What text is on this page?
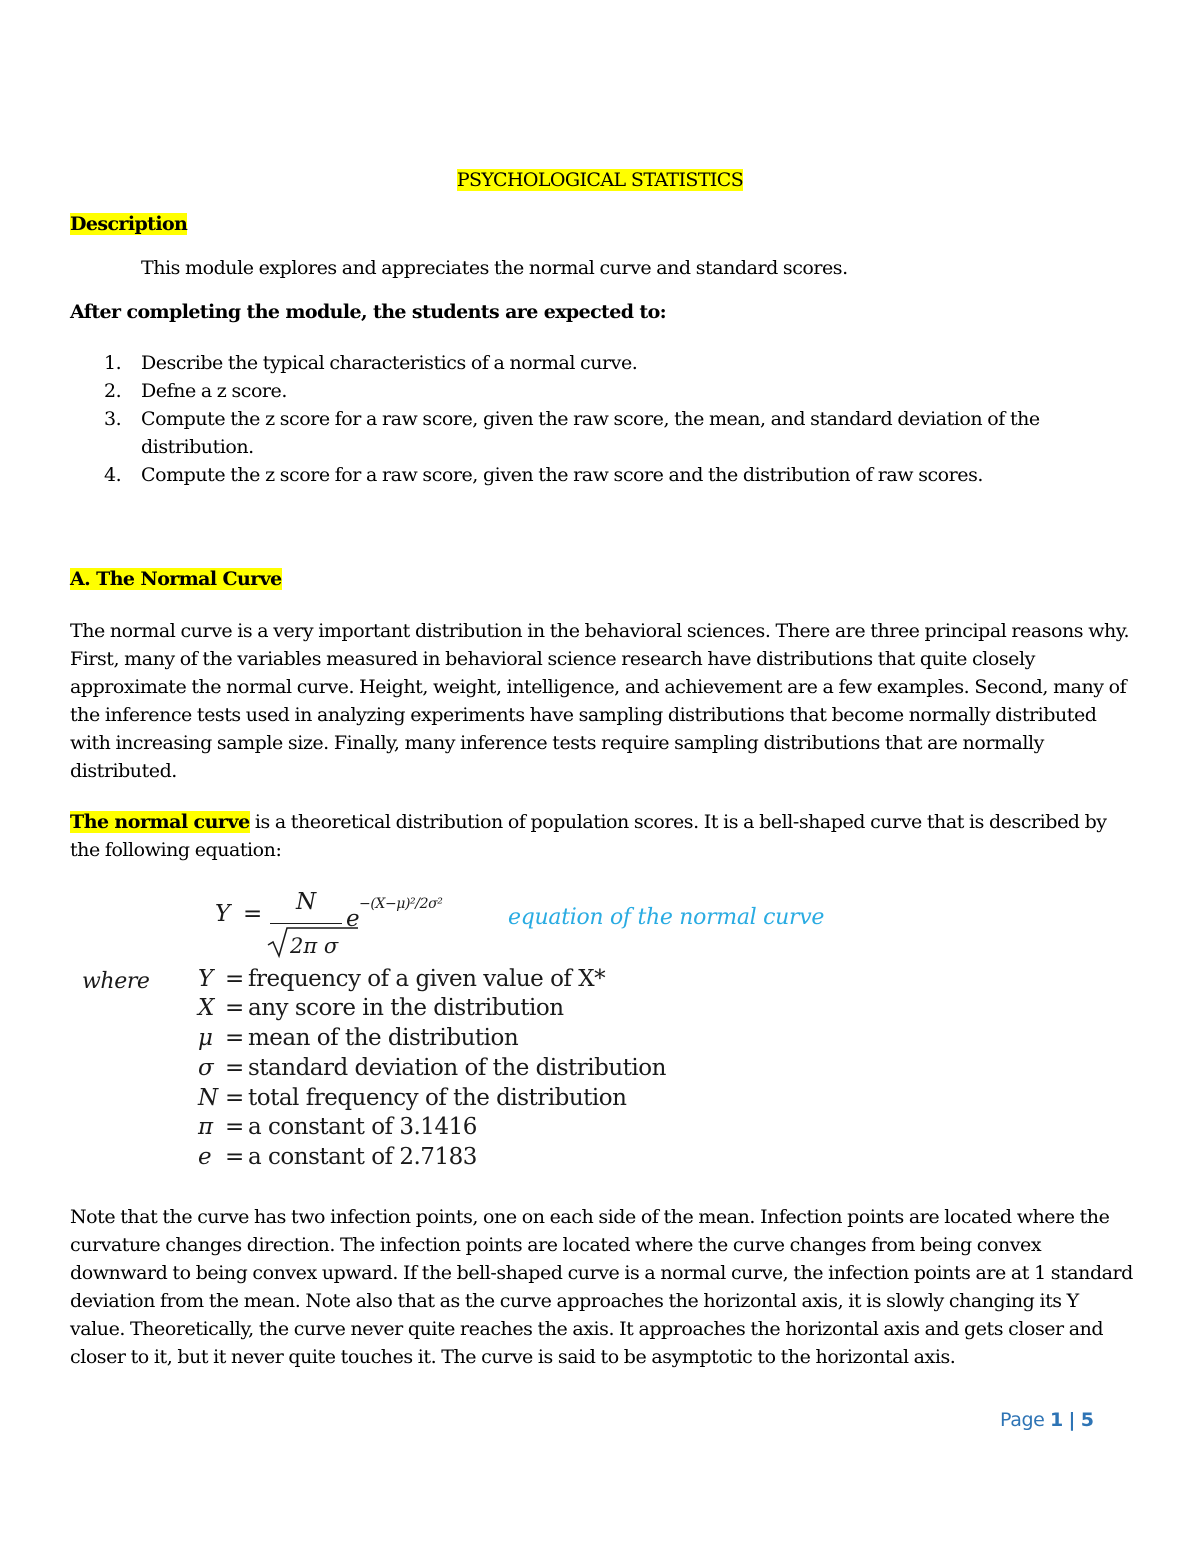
PSYCHOLOGICAL STATISTICS
Description

This module explores and appreciates the normal curve and standard scores.

After completing the module, the students are expected to:
1. Describe the typical characteristics of a normal curve.
2. Defne a z score.
3. Compute the z score for a raw score, given the raw score, the mean, and standard deviation of the distribution.
4. Compute the z score for a raw score, given the raw score and the distribution of raw scores.
A. The Normal Curve

The normal curve is a very important distribution in the behavioral sciences. There are three principal reasons why. First, many of the variables measured in behavioral science research have distributions that quite closely approximate the normal curve. Height, weight, intelligence, and achievement are a few examples. Second, many of the inference tests used in analyzing experiments have sampling distributions that become normally distributed with increasing sample size. Finally, many inference tests require sampling distributions that are normally distributed.

The normal curve is a theoretical distribution of population scores. It is a bell-shaped curve that is described by the following equation:

Y = N
2π σ
e
−(X−μ)²/2σ²
equation of the normal curve
where Y = frequency of a given value of X*
X = any score in the distribution
μ = mean of the distribution
σ = standard deviation of the distribution
N = total frequency of the distribution
π = a constant of 3.1416
e = a constant of 2.7183

Note that the curve has two infection points, one on each side of the mean. Infection points are located where the curvature changes direction. The infection points are located where the curve changes from being convex downward to being convex upward. If the bell-shaped curve is a normal curve, the infection points are at 1 standard deviation from the mean. Note also that as the curve approaches the horizontal axis, it is slowly changing its Y value. Theoretically, the curve never quite reaches the axis. It approaches the horizontal axis and gets closer and closer to it, but it never quite touches it. The curve is said to be asymptotic to the horizontal axis.

Page 1 | 5
